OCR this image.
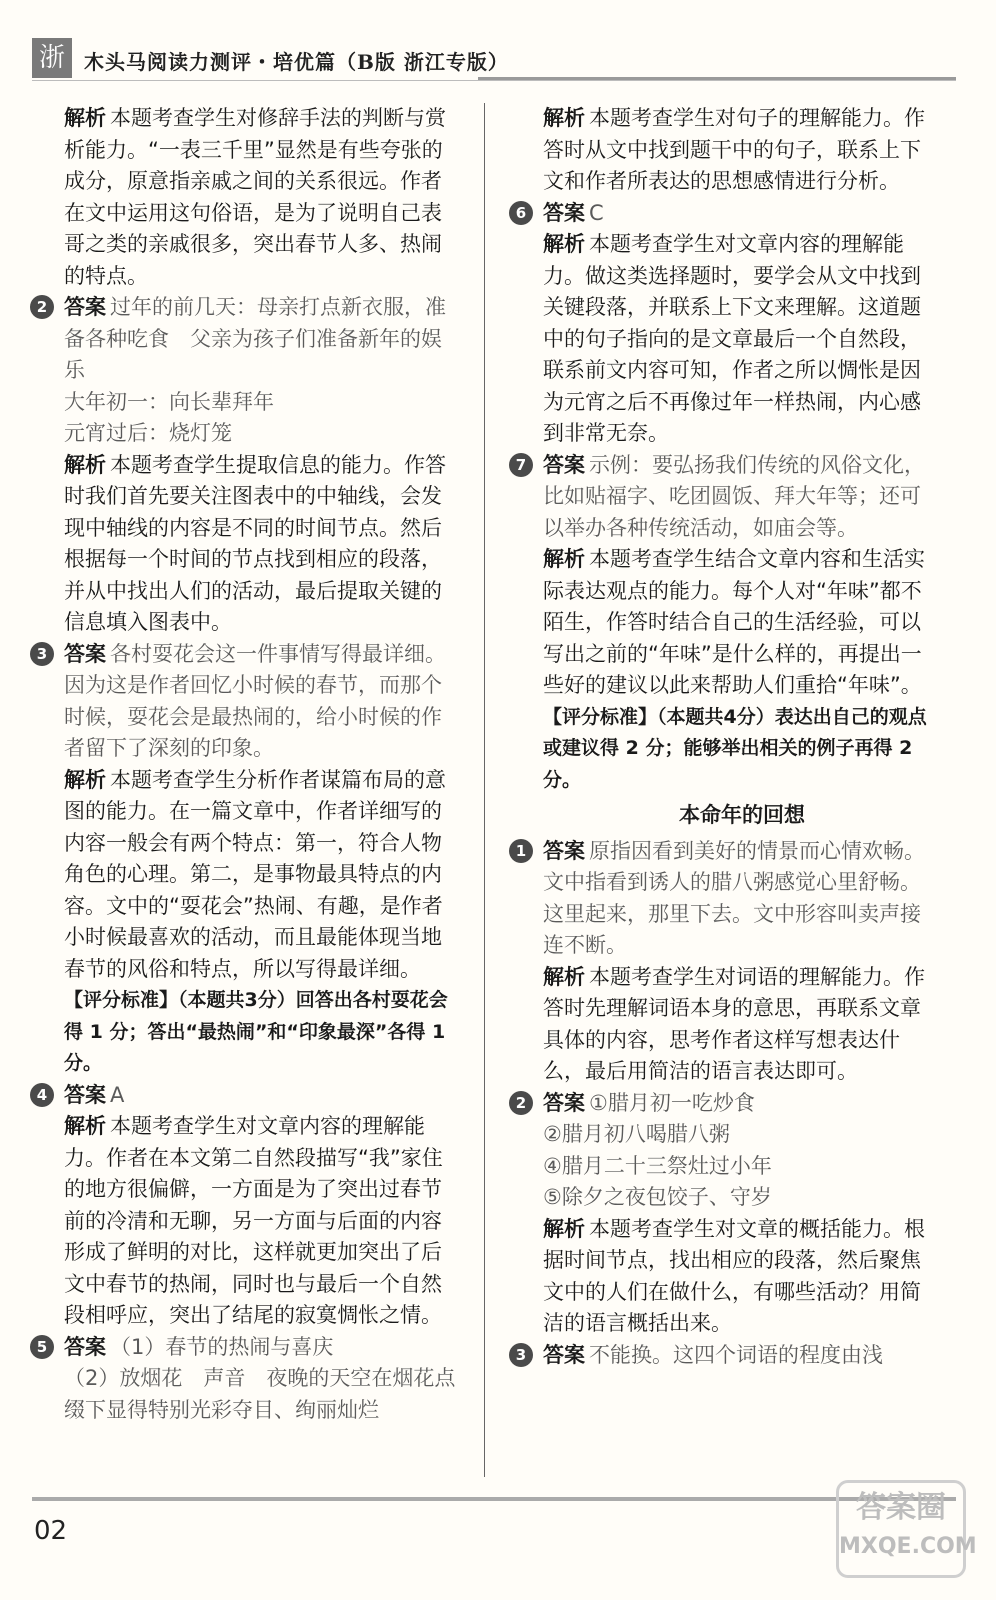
浙 木头马阅读力测评・培优篇（B版 浙江专版）

解析 本题考查学生对修辞手法的判断与赏析能力。“一表三千里”显然是有些夸张的成分，原意指亲戚之间的关系很远。作者在文中运用这句俗语，是为了说明自己表哥之类的亲戚很多，突出春节人多、热闹的特点。

2 答案 过年的前几天：母亲打点新衣服，准备各种吃食　父亲为孩子们准备新年的娱乐

大年初一：向长辈拜年

元宵过后：烧灯笼

解析 本题考查学生提取信息的能力。作答时我们首先要关注图表中的中轴线，会发现中轴线的内容是不同的时间节点。然后根据每一个时间的节点找到相应的段落，并从中找出人们的活动，最后提取关键的信息填入图表中。

3 答案 各村耍花会这一件事情写得最详细。因为这是作者回忆小时候的春节，而那个时候，耍花会是最热闹的，给小时候的作者留下了深刻的印象。

解析 本题考查学生分析作者谋篇布局的意图的能力。在一篇文章中，作者详细写的内容一般会有两个特点：第一，符合人物角色的心理。第二，是事物最具特点的内容。文中的“耍花会”热闹、有趣，是作者小时候最喜欢的活动，而且最能体现当地春节的风俗和特点，所以写得最详细。

【评分标准】（本题共3分）回答出各村耍花会得 1 分；答出“最热闹”和“印象最深”各得 1 分。

4 答案 A

解析 本题考查学生对文章内容的理解能力。作者在本文第二自然段描写“我”家住的地方很偏僻，一方面是为了突出过春节前的冷清和无聊，另一方面与后面的内容形成了鲜明的对比，这样就更加突出了后文中春节的热闹，同时也与最后一个自然段相呼应，突出了结尾的寂寞惆怅之情。

5 答案 （1）春节的热闹与喜庆

（2）放烟花　声音　夜晚的天空在烟花点缀下显得特别光彩夺目、绚丽灿烂

解析 本题考查学生对句子的理解能力。作答时从文中找到题干中的句子，联系上下文和作者所表达的思想感情进行分析。

6 答案 C

解析 本题考查学生对文章内容的理解能力。做这类选择题时，要学会从文中找到关键段落，并联系上下文来理解。这道题中的句子指向的是文章最后一个自然段，联系前文内容可知，作者之所以惆怅是因为元宵之后不再像过年一样热闹，内心感到非常无奈。

7 答案 示例：要弘扬我们传统的风俗文化，比如贴福字、吃团圆饭、拜大年等；还可以举办各种传统活动，如庙会等。

解析 本题考查学生结合文章内容和生活实际表达观点的能力。每个人对“年味”都不陌生，作答时结合自己的生活经验，可以写出之前的“年味”是什么样的，再提出一些好的建议以此来帮助人们重拾“年味”。

【评分标准】（本题共4分）表达出自己的观点或建议得 2 分；能够举出相关的例子再得 2 分。

本命年的回想

1 答案 原指因看到美好的情景而心情欢畅。文中指看到诱人的腊八粥感觉心里舒畅。

这里起来，那里下去。文中形容叫卖声接连不断。

解析 本题考查学生对词语的理解能力。作答时先理解词语本身的意思，再联系文章具体的内容，思考作者这样写想表达什么，最后用简洁的语言表达即可。

2 答案 ①腊月初一吃炒食

②腊月初八喝腊八粥

④腊月二十三祭灶过小年

⑤除夕之夜包饺子、守岁

解析 本题考查学生对文章的概括能力。根据时间节点，找出相应的段落，然后聚焦文中的人们在做什么，有哪些活动？用简洁的语言概括出来。

3 答案 不能换。这四个词语的程度由浅

02
答案圈
MXQE.COM
